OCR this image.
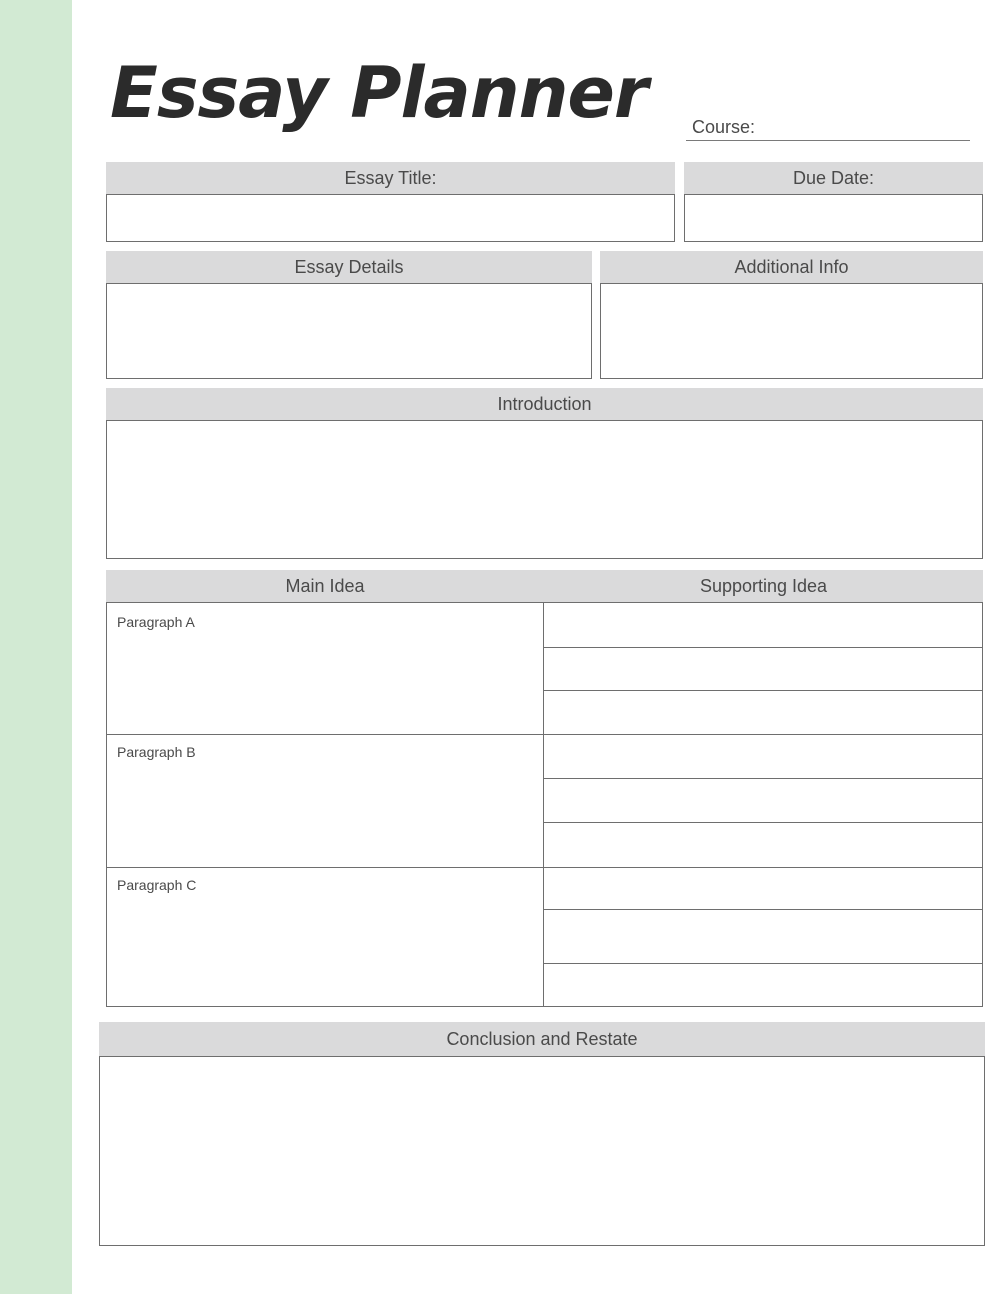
Essay Planner Course:
Essay Title:	Due Date:
Essay Details	Additional Info
Introduction
Main Idea	Supporting Idea
Paragraph A
Paragraph B
Paragraph C
Conclusion and Restate
